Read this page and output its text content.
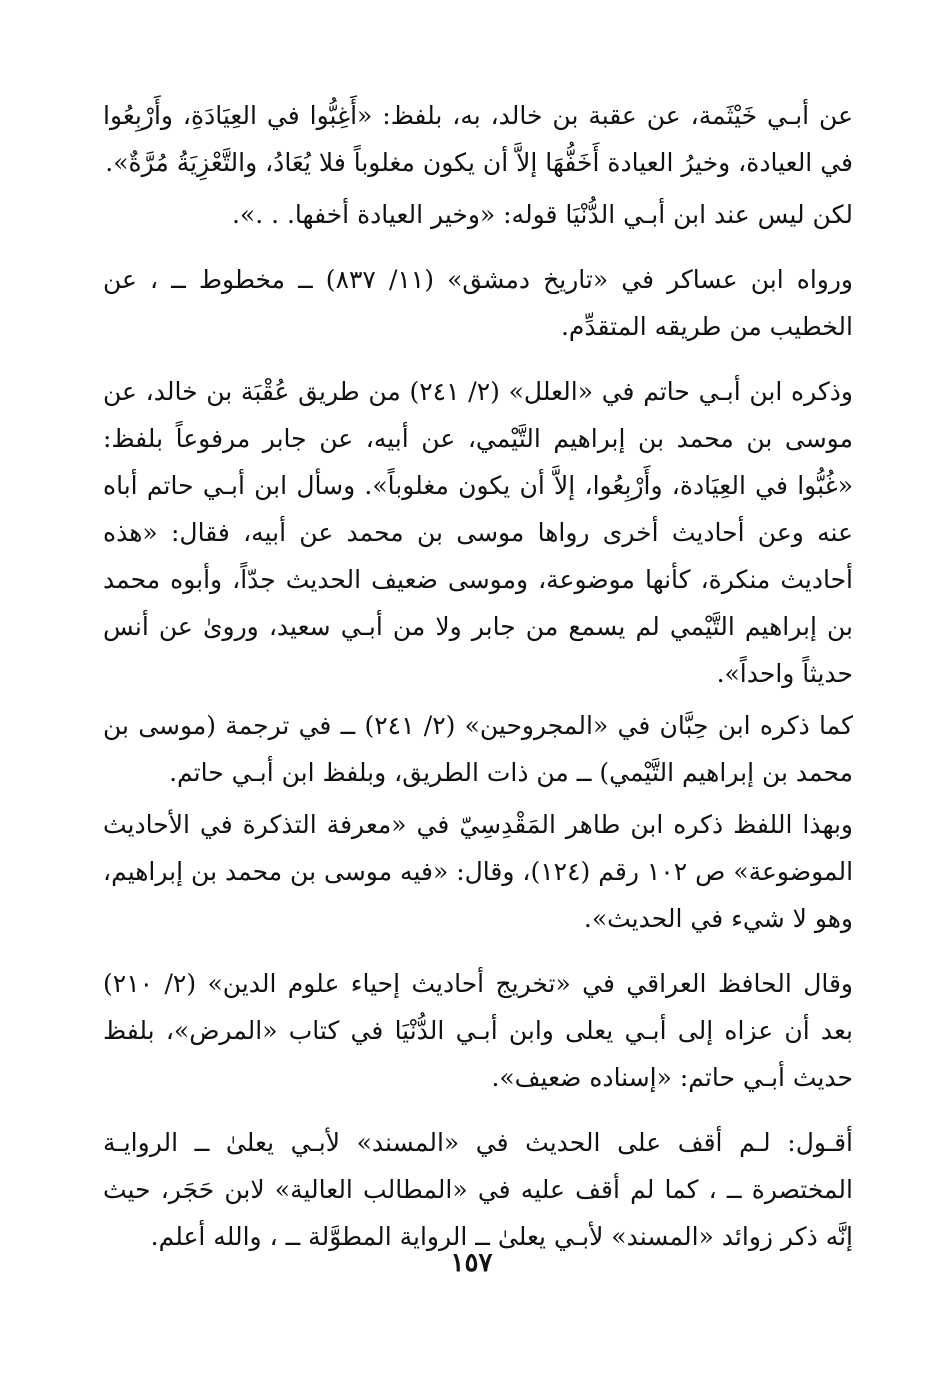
عن أبـي خَيْثَمة، عن عقبة بن خالد، به، بلفظ: «أَغِبُّوا في العِيَادَةِ، وأَرْبِعُوا في العيادة، وخيرُ العيادة أَخَفُّهَا إلاَّ أن يكون مغلوباً فلا يُعَادُ، والتَّعْزِيَةُ مُرَّةٌ».

لكن ليس عند ابن أبـي الدُّنْيَا قوله: «وخير العيادة أخفها. . .».

ورواه ابن عساكر في «تاريخ دمشق» (١١/ ٨٣٧) ــ مخطوط ــ ، عن الخطيب من طريقه المتقدِّم.

وذكره ابن أبـي حاتم في «العلل» (٢/ ٢٤١) من طريق عُقْبَة بن خالد، عن موسى بن محمد بن إبراهيم التَّيْمي، عن أبيه، عن جابر مرفوعاً بلفظ: «غُبُّوا في العِيَادة، وأَرْبِعُوا، إلاَّ أن يكون مغلوباً». وسأل ابن أبـي حاتم أباه عنه وعن أحاديث أخرى رواها موسى بن محمد عن أبيه، فقال: «هذه أحاديث منكرة، كأنها موضوعة، وموسى ضعيف الحديث جدّاً، وأبوه محمد بن إبراهيم التَّيْمي لم يسمع من جابر ولا من أبـي سعيد، وروىٰ عن أنس حديثاً واحداً».

كما ذكره ابن حِبَّان في «المجروحين» (٢/ ٢٤١) ــ في ترجمة (موسى بن محمد بن إبراهيم التَّيْمي) ــ من ذات الطريق، وبلفظ ابن أبـي حاتم.

وبهذا اللفظ ذكره ابن طاهر المَقْدِسِيّ في «معرفة التذكرة في الأحاديث الموضوعة» ص ١٠٢ رقم (١٢٤)، وقال: «فيه موسى بن محمد بن إبراهيم، وهو لا شيء في الحديث».

وقال الحافظ العراقي في «تخريج أحاديث إحياء علوم الدين» (٢/ ٢١٠) بعد أن عزاه إلى أبـي يعلى وابن أبـي الدُّنْيَا في كتاب «المرض»، بلفظ حديث أبـي حاتم: «إسناده ضعيف».

أقـول: لـم أقف على الحديث في «المسند» لأبـي يعلىٰ ــ الروايـة المختصرة ــ ، كما لم أقف عليه في «المطالب العالية» لابن حَجَر، حيث إنَّه ذكر زوائد «المسند» لأبـي يعلىٰ ــ الرواية المطوَّلة ــ ، والله أعلم.

١٥٧
